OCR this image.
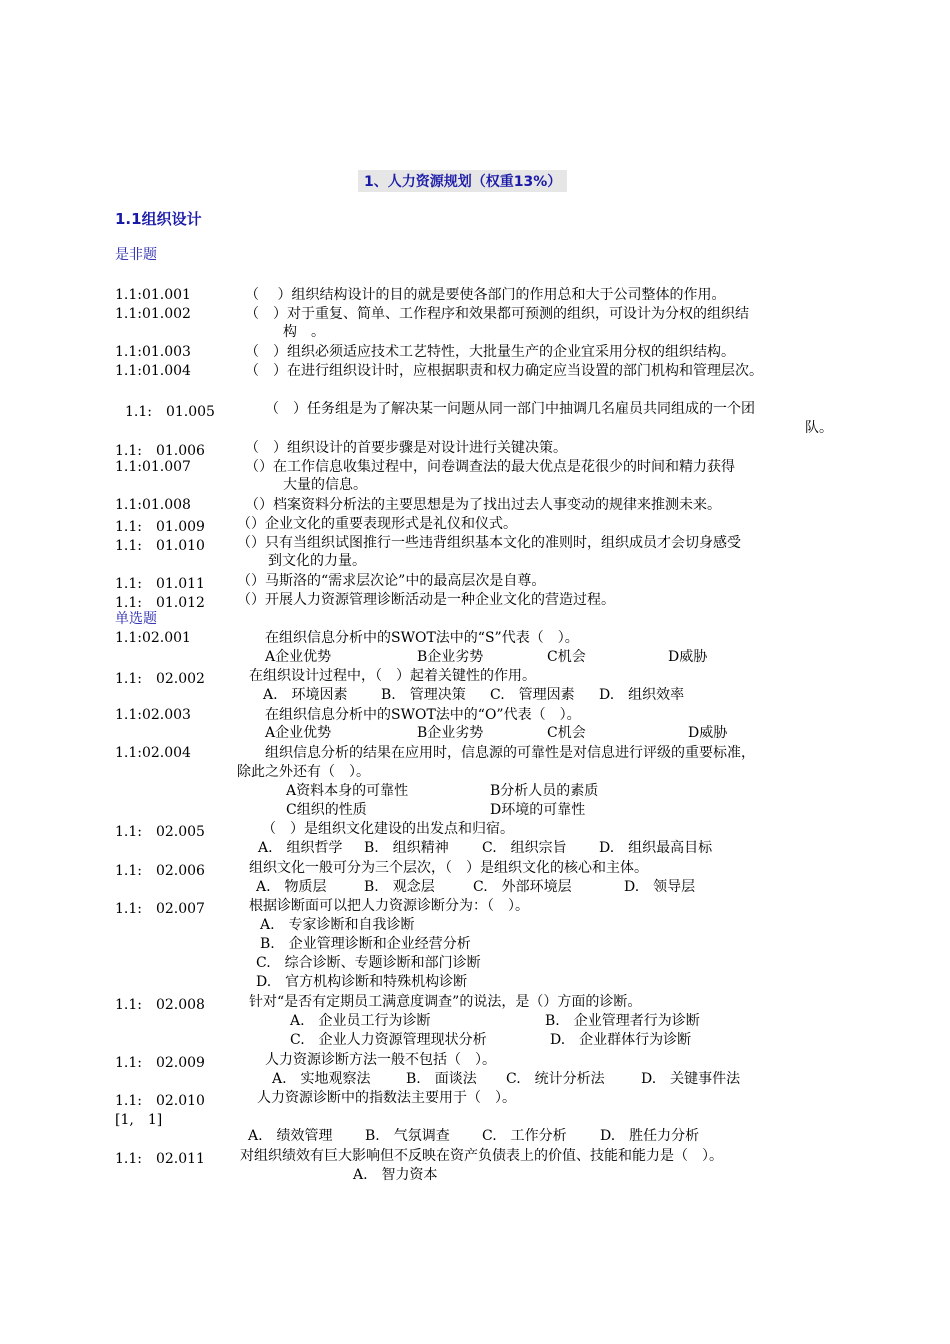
1、人力资源规划（权重13%）
1.1组织设计
是非题
1.1:01.001	（　 ）组织结构设计的目的就是要使各部门的作用总和大于公司整体的作用。
1.1:01.002	（　）对于重复、简单、工作程序和效果都可预测的组织，可设计为分权的组织结
构　。
1.1:01.003	（　）组织必须适应技术工艺特性，大批量生产的企业宜采用分权的组织结构。
1.1:01.004	（　）在进行组织设计时，应根据职责和权力确定应当设置的部门机构和管理层次。
1.1:　01.005	（　）任务组是为了解决某一问题从同一部门中抽调几名雇员共同组成的一个团
队。
1.1:　01.006	（　）组织设计的首要步骤是对设计进行关键决策。
1.1:01.007	（）在工作信息收集过程中，问卷调查法的最大优点是花很少的时间和精力获得
大量的信息。
1.1:01.008	（）档案资料分析法的主要思想是为了找出过去人事变动的规律来推测未来。
1.1:　01.009 （）企业文化的重要表现形式是礼仪和仪式。
1.1:　01.010 （）只有当组织试图推行一些违背组织基本文化的准则时，组织成员才会切身感受
到文化的力量。
1.1:　01.011 （）马斯洛的“需求层次论”中的最高层次是自尊。
1.1:　01.012 （）开展人力资源管理诊断活动是一种企业文化的营造过程。
单选题
1.1:02.001	在组织信息分析中的SWOT法中的“S”代表（　）。
A企业优势	B企业劣势	C机会	D威胁
1.1:　02.002	在组织设计过程中，（　）起着关键性的作用。
A.　环境因素 B.　管理决策 C.　管理因素 D.　组织效率
1.1:02.003	在组织信息分析中的SWOT法中的“O”代表（　）。
A企业优势	B企业劣势	C机会	D威胁
1.1:02.004	组织信息分析的结果在应用时，信息源的可靠性是对信息进行评级的重要标准，
除此之外还有（　）。
A资料本身的可靠性	B分析人员的素质
C组织的性质	D环境的可靠性
1.1:　02.005	（　）是组织文化建设的出发点和归宿。
A.　组织哲学 B.　组织精神 C.　组织宗旨 D.　组织最高目标
1.1:　02.006	组织文化一般可分为三个层次，（　）是组织文化的核心和主体。
A.　物质层	B.　观念层	C.　外部环境层	D.　领导层
1.1:　02.007	根据诊断面可以把人力资源诊断分为：（　）。
A.　专家诊断和自我诊断
B.　企业管理诊断和企业经营分析
C.　综合诊断、专题诊断和部门诊断
D.　官方机构诊断和特殊机构诊断
1.1:　02.008	针对“是否有定期员工满意度调查”的说法，是（）方面的诊断。
A.　企业员工行为诊断	B.　企业管理者行为诊断
C.　企业人力资源管理现状分析	D.　企业群体行为诊断
1.1:　02.009	人力资源诊断方法一般不包括（　）。
A.　实地观察法	B.　面谈法 C.　统计分析法	D.　关键事件法
1.1:　02.010	人力资源诊断中的指数法主要用于（　）。
[1,　1]
A.　绩效管理 B.　气氛调查 C.　工作分析 D.　胜任力分析
1.1:　02.011	对组织绩效有巨大影响但不反映在资产负债表上的价值、技能和能力是（　）。
A.　智力资本
